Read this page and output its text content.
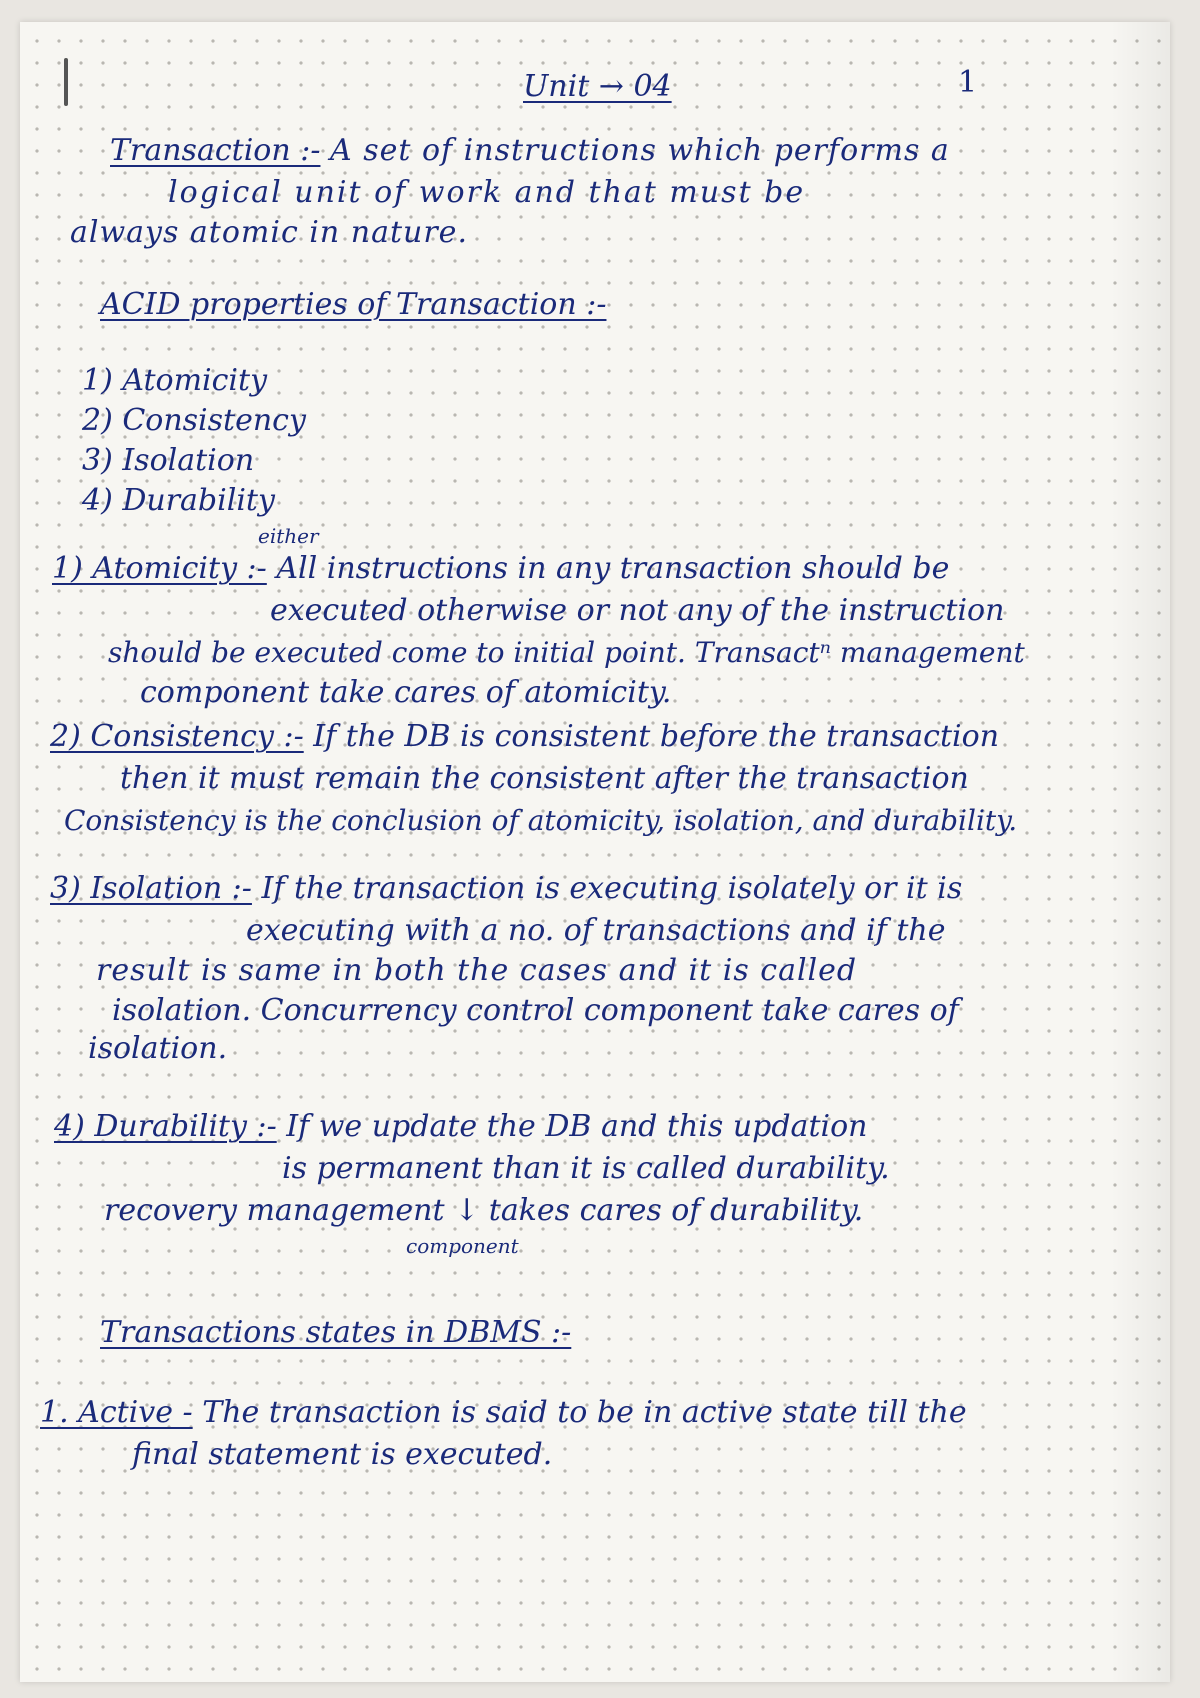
Unit → 04	1

Transaction :- A set of instructions which performs a

logical unit of work and that must be

always atomic in nature.

ACID properties of Transaction :-

1) Atomicity

2) Consistency

3) Isolation

4) Durability

either

1) Atomicity :- All instructions in any transaction should be

executed otherwise or not any of the instruction

should be executed come to initial point. Transactⁿ management

component take cares of atomicity.

2) Consistency :- If the DB is consistent before the transaction

then it must remain the consistent after the transaction

Consistency is the conclusion of atomicity, isolation, and durability.

3) Isolation :- If the transaction is executing isolately or it is

executing with a no. of transactions and if the

result is same in both the cases and it is called

isolation. Concurrency control component take cares of

isolation.

4) Durability :- If we update the DB and this updation

is permanent than it is called durability.

recovery management ↓ takes cares of durability.

component

Transactions states in DBMS :-

1. Active - The transaction is said to be in active state till the

final statement is executed.
